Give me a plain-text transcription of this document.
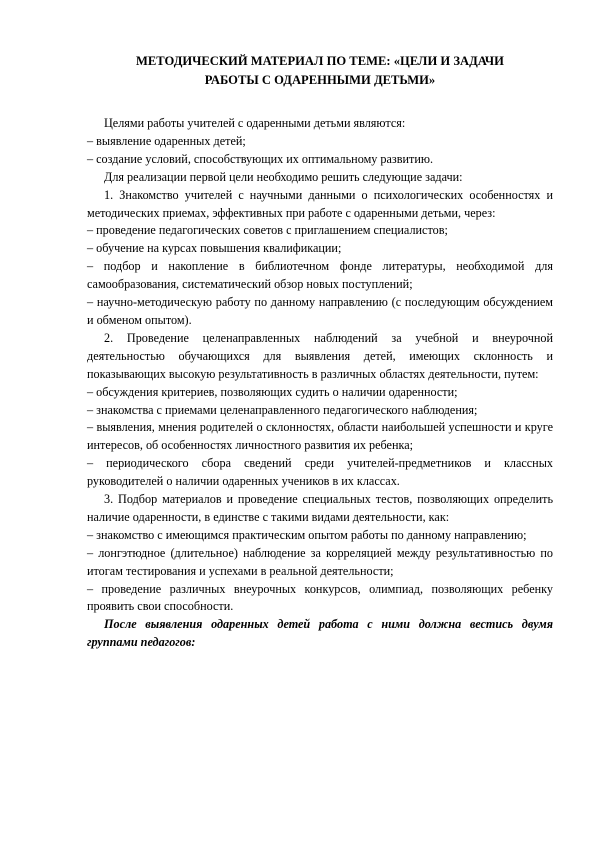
МЕТОДИЧЕСКИЙ МАТЕРИАЛ ПО ТЕМЕ: «ЦЕЛИ И ЗАДАЧИ
РАБОТЫ С ОДАРЕННЫМИ ДЕТЬМИ»

Целями работы учителей с одаренными детьми являются:

– выявление одаренных детей;

– создание условий, способствующих их оптимальному развитию.

Для реализации первой цели необходимо решить следующие задачи:

1. Знакомство учителей с научными данными о психологических особенностях и методических приемах, эффективных при работе с одаренными детьми, через:

– проведение педагогических советов с приглашением специалистов;

– обучение на курсах повышения квалификации;

– подбор и накопление в библиотечном фонде литературы, необходимой для самообразования, систематический обзор новых поступлений;

– научно-методическую работу по данному направлению (с последующим обсуждением и обменом опытом).

2. Проведение целенаправленных наблюдений за учебной и внеурочной деятельностью обучающихся для выявления детей, имеющих склонность и показывающих высокую результативность в различных областях деятельности, путем:

– обсуждения критериев, позволяющих судить о наличии одаренности;

– знакомства с приемами целенаправленного педагогического наблюдения;

– выявления, мнения родителей о склонностях, области наибольшей успешности и круге интересов, об особенностях личностного развития их ребенка;

– периодического сбора сведений среди учителей-предметников и классных руководителей о наличии одаренных учеников в их классах.

3. Подбор материалов и проведение специальных тестов, позволяющих определить наличие одаренности, в единстве с такими видами деятельности, как:

– знакомство с имеющимся практическим опытом работы по данному направлению;

– лонгэтюдное (длительное) наблюдение за корреляцией между результативностью по итогам тестирования и успехами в реальной деятельности;

– проведение различных внеурочных конкурсов, олимпиад, позволяющих ребенку проявить свои способности.

После выявления одаренных детей работа с ними должна вестись двумя группами педагогов:
